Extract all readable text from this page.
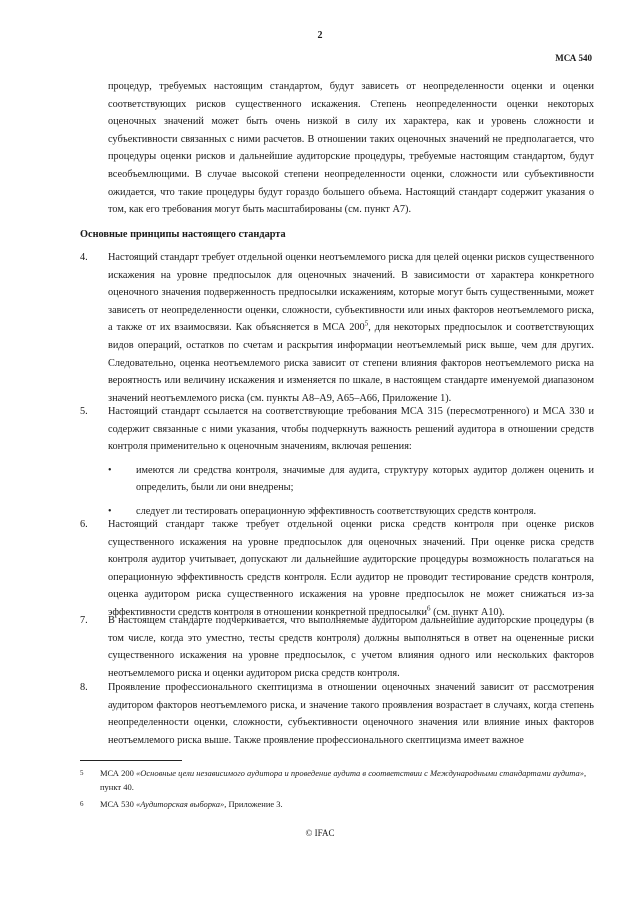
2
МСА 540
процедур, требуемых настоящим стандартом, будут зависеть от неопределенности оценки и оценки соответствующих рисков существенного искажения. Степень неопределенности оценки некоторых оценочных значений может быть очень низкой в силу их характера, как и уровень сложности и субъективности связанных с ними расчетов. В отношении таких оценочных значений не предполагается, что процедуры оценки рисков и дальнейшие аудиторские процедуры, требуемые настоящим стандартом, будут всеобъемлющими. В случае высокой степени неопределенности оценки, сложности или субъективности ожидается, что такие процедуры будут гораздо большего объема. Настоящий стандарт содержит указания о том, как его требования могут быть масштабированы (см. пункт A7).
Основные принципы настоящего стандарта
4.	Настоящий стандарт требует отдельной оценки неотъемлемого риска для целей оценки рисков существенного искажения на уровне предпосылок для оценочных значений. В зависимости от характера конкретного оценочного значения подверженность предпосылки искажениям, которые могут быть существенными, может зависеть от неопределенности оценки, сложности, субъективности или иных факторов неотъемлемого риска, а также от их взаимосвязи. Как объясняется в МСА $200^5$, для некоторых предпосылок и соответствующих видов операций, остатков по счетам и раскрытия информации неотъемлемый риск выше, чем для других. Следовательно, оценка неотъемлемого риска зависит от степени влияния факторов неотъемлемого риска на вероятность или величину искажения и изменяется по шкале, в настоящем стандарте именуемой диапазоном значений неотъемлемого риска (см. пункты A8–A9, A65–A66, Приложение 1).
5.	Настоящий стандарт ссылается на соответствующие требования МСА 315 (пересмотренного) и МСА 330 и содержит связанные с ними указания, чтобы подчеркнуть важность решений аудитора в отношении средств контроля применительно к оценочным значениям, включая решения:
•	имеются ли средства контроля, значимые для аудита, структуру которых аудитор должен оценить и определить, были ли они внедрены;
•	следует ли тестировать операционную эффективность соответствующих средств контроля.
6.	Настоящий стандарт также требует отдельной оценки риска средств контроля при оценке рисков существенного искажения на уровне предпосылок для оценочных значений. При оценке риска средств контроля аудитор учитывает, допускают ли дальнейшие аудиторские процедуры возможность полагаться на операционную эффективность средств контроля. Если аудитор не проводит тестирование средств контроля, оценка аудитором риска существенного искажения на уровне предпосылок не может снижаться из-за эффективности средств контроля в отношении конкретной предпосылки$^6$ (см. пункт A10).
7.	В настоящем стандарте подчеркивается, что выполняемые аудитором дальнейшие аудиторские процедуры (в том числе, когда это уместно, тесты средств контроля) должны выполняться в ответ на оцененные риски существенного искажения на уровне предпосылок, с учетом влияния одного или нескольких факторов неотъемлемого риска и оценки аудитором риска средств контроля.
8.	Проявление профессионального скептицизма в отношении оценочных значений зависит от рассмотрения аудитором факторов неотъемлемого риска, и значение такого проявления возрастает в случаях, когда степень неопределенности оценки, сложности, субъективности оценочного значения или влияние иных факторов неотъемлемого риска выше. Также проявление профессионального скептицизма имеет важное
5	МСА 200 «Основные цели независимого аудитора и проведение аудита в соответствии с Международными стандартами аудита», пункт 40.
6	МСА 530 «Аудиторская выборка», Приложение 3.
© IFAC
